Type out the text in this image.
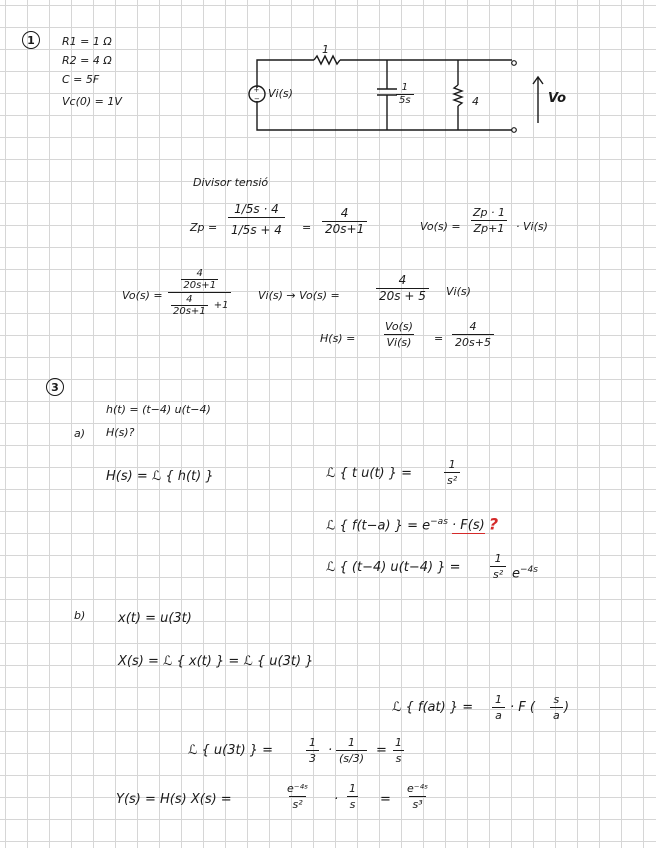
1	R1 = 1 Ω
R2 = 4 Ω
C = 5F
Vc(0) = 1V
+
− Vi(s)
1
$\frac{1}{5s}$	4	Vo
Divisor tensió
$Zp = \frac{1/5s \cdot 4}{1/5s + 4} = \frac{4}{20s+1}$	$Vo(s) = \frac{Zp \cdot 1}{Zp+1} \cdot Vi(s)$
Vo(s) = 4
20s+1
4
20s+1
+1 Vi(s) → Vo(s) =	$\frac{4}{20s + 5} Vi(s)$
$H(s) = \frac{Vo(s)}{Vi(s)} = \frac{4}{20s+5}$
3
h(t) = (t−4) u(t−4)
a) H(s)?
H(s) = ℒ { h(t) }	ℒ { t u(t) } =	$\frac{1}{\text{s²}}$
ℒ { f(t−a) } = $e^{-as} \cdot F(s)$ ?
ℒ { (t−4) u(t−4) } =	$\frac{1}{\text{s²}} e^{-4s}$
b)	x(t) = u(3t)
X(s) = ℒ { x(t) } = ℒ { u(3t) }
ℒ { f(at) } = $\frac{1}{a} \cdot F$ ( $\frac{s}{a}$ )
ℒ { u(3t) } =	$\frac{1}{3} \cdot \frac{1}{(s/3)} = \frac{1}{s}$
Y(s) = H(s) X(s) =	$\frac{\text{e⁻⁴ˢ}}{\text{s²}} \cdot \frac{1}{s} = \frac{\text{e⁻⁴ˢ}}{\text{s³}}$
